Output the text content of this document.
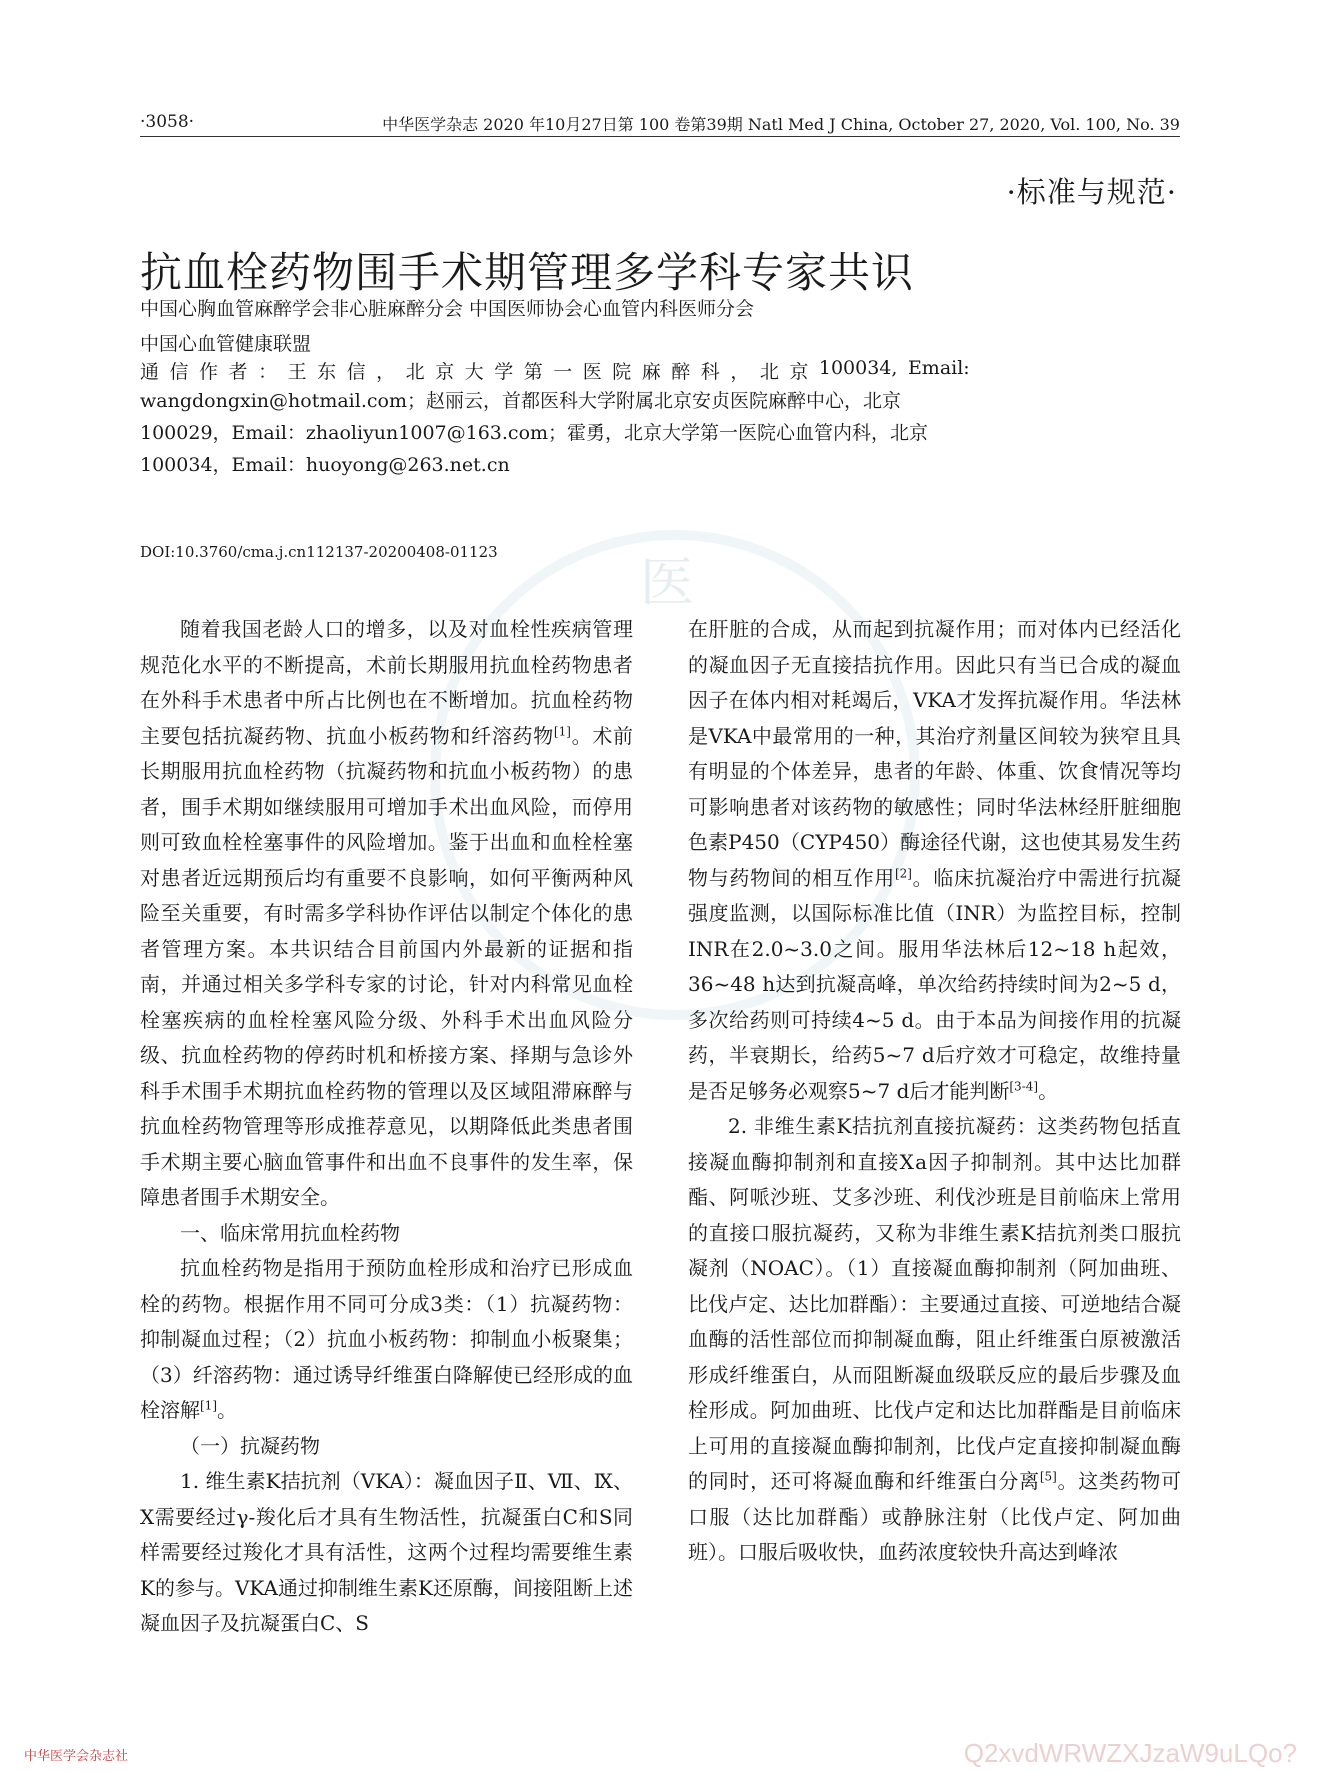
·3058·	中华医学杂志 2020 年10月27日第 100 卷第39期 Natl Med J China, October 27, 2020, Vol. 100, No. 39
·标准与规范·
抗血栓药物围手术期管理多学科专家共识
中国心胸血管麻醉学会非心脏麻醉分会 中国医师协会心血管内科医师分会
中国心血管健康联盟
通 信 作 者 ： 王 东 信 ， 北 京 大 学 第 一 医 院 麻 醉 科 ， 北 京 100034, Email:
wangdongxin@hotmail.com；赵丽云，首都医科大学附属北京安贞医院麻醉中心，北京
100029，Email：zhaoliyun1007@163.com；霍勇，北京大学第一医院心血管内科，北京
100034，Email：huoyong@263.net.cn
DOI:10.3760/cma.j.cn112137-20200408-01123	医

随着我国老龄人口的增多，以及对血栓性疾病管理规范化水平的不断提高，术前长期服用抗血栓药物患者在外科手术患者中所占比例也在不断增加。抗血栓药物主要包括抗凝药物、抗血小板药物和纤溶药物[1]。术前长期服用抗血栓药物（抗凝药物和抗血小板药物）的患者，围手术期如继续服用可增加手术出血风险，而停用则可致血栓栓塞事件的风险增加。鉴于出血和血栓栓塞对患者近远期预后均有重要不良影响，如何平衡两种风险至关重要，有时需多学科协作评估以制定个体化的患者管理方案。本共识结合目前国内外最新的证据和指南，并通过相关多学科专家的讨论，针对内科常见血栓栓塞疾病的血栓栓塞风险分级、外科手术出血风险分级、抗血栓药物的停药时机和桥接方案、择期与急诊外科手术围手术期抗血栓药物的管理以及区域阻滞麻醉与抗血栓药物管理等形成推荐意见，以期降低此类患者围手术期主要心脑血管事件和出血不良事件的发生率，保障患者围手术期安全。

一、临床常用抗血栓药物

抗血栓药物是指用于预防血栓形成和治疗已形成血栓的药物。根据作用不同可分成3类：（1）抗凝药物：抑制凝血过程；（2）抗血小板药物：抑制血小板聚集；（3）纤溶药物：通过诱导纤维蛋白降解使已经形成的血栓溶解[1]。

（一）抗凝药物

1. 维生素K拮抗剂（VKA）：凝血因子Ⅱ、Ⅶ、Ⅸ、Ⅹ需要经过γ-羧化后才具有生物活性，抗凝蛋白C和S同样需要经过羧化才具有活性，这两个过程均需要维生素K的参与。VKA通过抑制维生素K还原酶，间接阻断上述凝血因子及抗凝蛋白C、S

在肝脏的合成，从而起到抗凝作用；而对体内已经活化的凝血因子无直接拮抗作用。因此只有当已合成的凝血因子在体内相对耗竭后，VKA才发挥抗凝作用。华法林是VKA中最常用的一种，其治疗剂量区间较为狭窄且具有明显的个体差异，患者的年龄、体重、饮食情况等均可影响患者对该药物的敏感性；同时华法林经肝脏细胞色素P450（CYP450）酶途径代谢，这也使其易发生药物与药物间的相互作用[2]。临床抗凝治疗中需进行抗凝强度监测，以国际标准比值（INR）为监控目标，控制INR在2.0~3.0之间。服用华法林后12~18 h起效，36~48 h达到抗凝高峰，单次给药持续时间为2~5 d，多次给药则可持续4~5 d。由于本品为间接作用的抗凝药，半衰期长，给药5~7 d后疗效才可稳定，故维持量是否足够务必观察5~7 d后才能判断[3-4]。

2. 非维生素K拮抗剂直接抗凝药：这类药物包括直接凝血酶抑制剂和直接Ⅹa因子抑制剂。其中达比加群酯、阿哌沙班、艾多沙班、利伐沙班是目前临床上常用的直接口服抗凝药，又称为非维生素K拮抗剂类口服抗凝剂（NOAC）。（1）直接凝血酶抑制剂（阿加曲班、比伐卢定、达比加群酯）：主要通过直接、可逆地结合凝血酶的活性部位而抑制凝血酶，阻止纤维蛋白原被激活形成纤维蛋白，从而阻断凝血级联反应的最后步骤及血栓形成。阿加曲班、比伐卢定和达比加群酯是目前临床上可用的直接凝血酶抑制剂，比伐卢定直接抑制凝血酶的同时，还可将凝血酶和纤维蛋白分离[5]。这类药物可口服（达比加群酯）或静脉注射（比伐卢定、阿加曲班）。口服后吸收快，血药浓度较快升高达到峰浓

中华医学会杂志社	Q2xvdWRWZXJzaW9uLQo?
